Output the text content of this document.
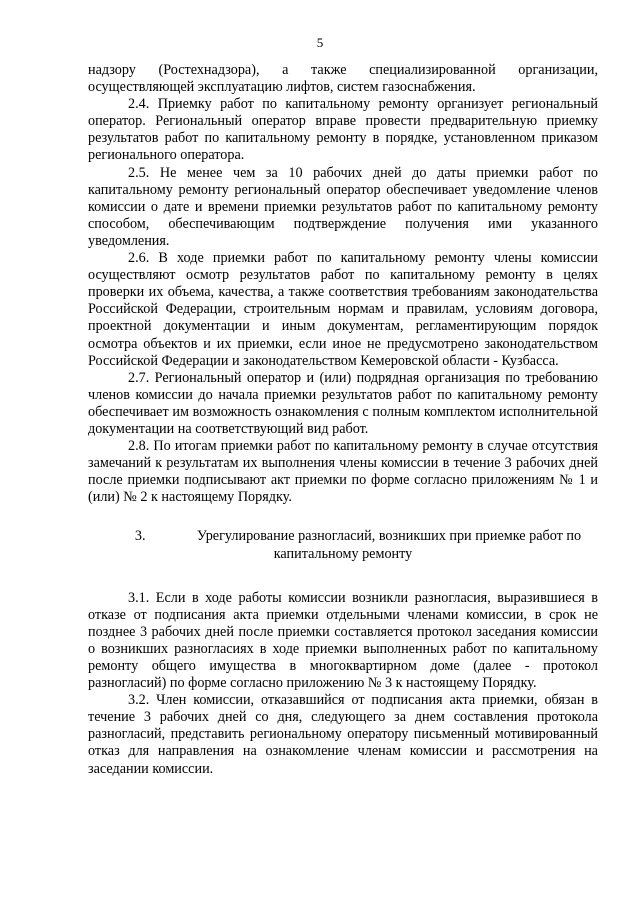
5

надзору (Ростехнадзора), а также специализированной организации, осуществляющей эксплуатацию лифтов, систем газоснабжения.

2.4. Приемку работ по капитальному ремонту организует региональный оператор. Региональный оператор вправе провести предварительную приемку результатов работ по капитальному ремонту в порядке, установленном приказом регионального оператора.

2.5. Не менее чем за 10 рабочих дней до даты приемки работ по капитальному ремонту региональный оператор обеспечивает уведомление членов комиссии о дате и времени приемки результатов работ по капитальному ремонту способом, обеспечивающим подтверждение получения ими указанного уведомления.

2.6. В ходе приемки работ по капитальному ремонту члены комиссии осуществляют осмотр результатов работ по капитальному ремонту в целях проверки их объема, качества, а также соответствия требованиям законодательства Российской Федерации, строительным нормам и правилам, условиям договора, проектной документации и иным документам, регламентирующим порядок осмотра объектов и их приемки, если иное не предусмотрено законодательством Российской Федерации и законодательством Кемеровской области - Кузбасса.

2.7. Региональный оператор и (или) подрядная организация по требованию членов комиссии до начала приемки результатов работ по капитальному ремонту обеспечивает им возможность ознакомления с полным комплектом исполнительной документации на соответствующий вид работ.

2.8. По итогам приемки работ по капитальному ремонту в случае отсутствия замечаний к результатам их выполнения члены комиссии в течение 3 рабочих дней после приемки подписывают акт приемки по форме согласно приложениям № 1 и (или) № 2 к настоящему Порядку.

3.	Урегулирование разногласий, возникших при приемке работ по
капитальному ремонту

3.1. Если в ходе работы комиссии возникли разногласия, выразившиеся в отказе от подписания акта приемки отдельными членами комиссии, в срок не позднее 3 рабочих дней после приемки составляется протокол заседания комиссии о возникших разногласиях в ходе приемки выполненных работ по капитальному ремонту общего имущества в многоквартирном доме (далее - протокол разногласий) по форме согласно приложению № 3 к настоящему Порядку.

3.2. Член комиссии, отказавшийся от подписания акта приемки, обязан в течение 3 рабочих дней со дня, следующего за днем составления протокола разногласий, представить региональному оператору письменный мотивированный отказ для направления на ознакомление членам комиссии и рассмотрения на заседании комиссии.
